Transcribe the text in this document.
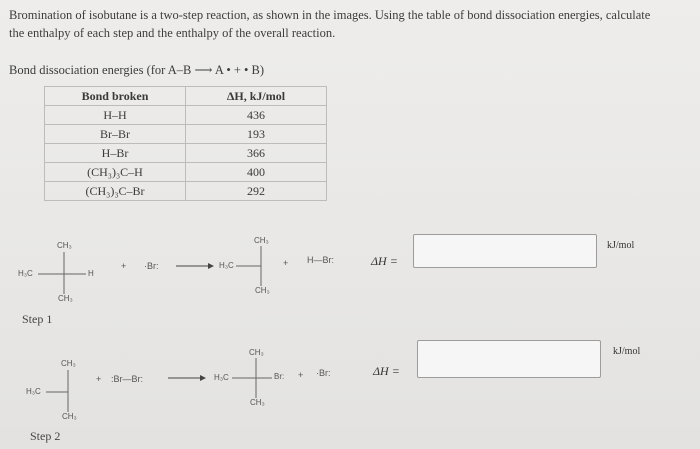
Bromination of isobutane is a two-step reaction, as shown in the images. Using the table of bond dissociation energies, calculate
the enthalpy of each step and the enthalpy of the overall reaction.
Bond dissociation energies (for A–B ⟶ A • + • B)
Bond broken	ΔH, kJ/mol
H–H	436
Br–Br	193
H–Br	366
(CH₃)₃C–H	400
(CH₃)₃C–Br	292
CH₃
H₃C	H
CH₃
+ ·Br:
CH₃
H₃C
CH₃
+ H—Br:	ΔH =
kJ/mol
Step 1
CH₃
H₃C
CH₃
+ :Br—Br:
CH₃
H₃C	Br:
CH₃
+ ·Br:	ΔH =
kJ/mol
Step 2
